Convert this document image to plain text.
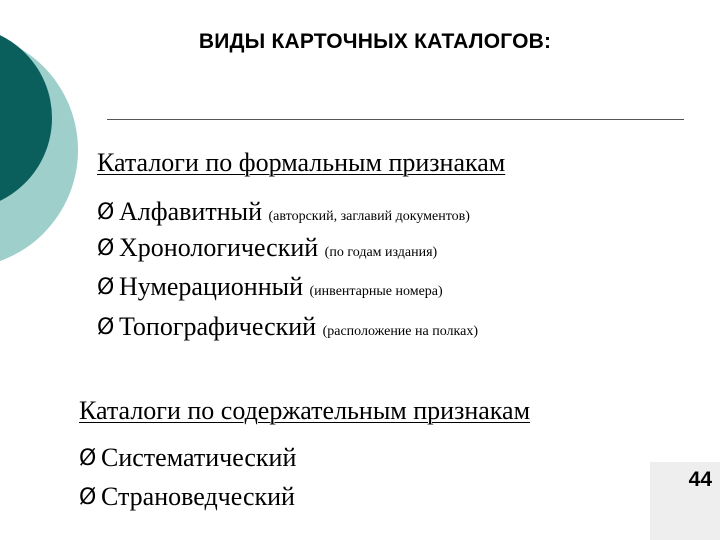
ВИДЫ КАРТОЧНЫХ КАТАЛОГОВ:
Каталоги по формальным признакам
Ø Алфавитный (авторский, заглавий документов)
Ø Хронологический (по годам издания)
Ø Нумерационный (инвентарные номера)
Ø Топографический (расположение на полках)
Каталоги по содержательным признакам
Ø Систематический
Ø Страноведческий
44
